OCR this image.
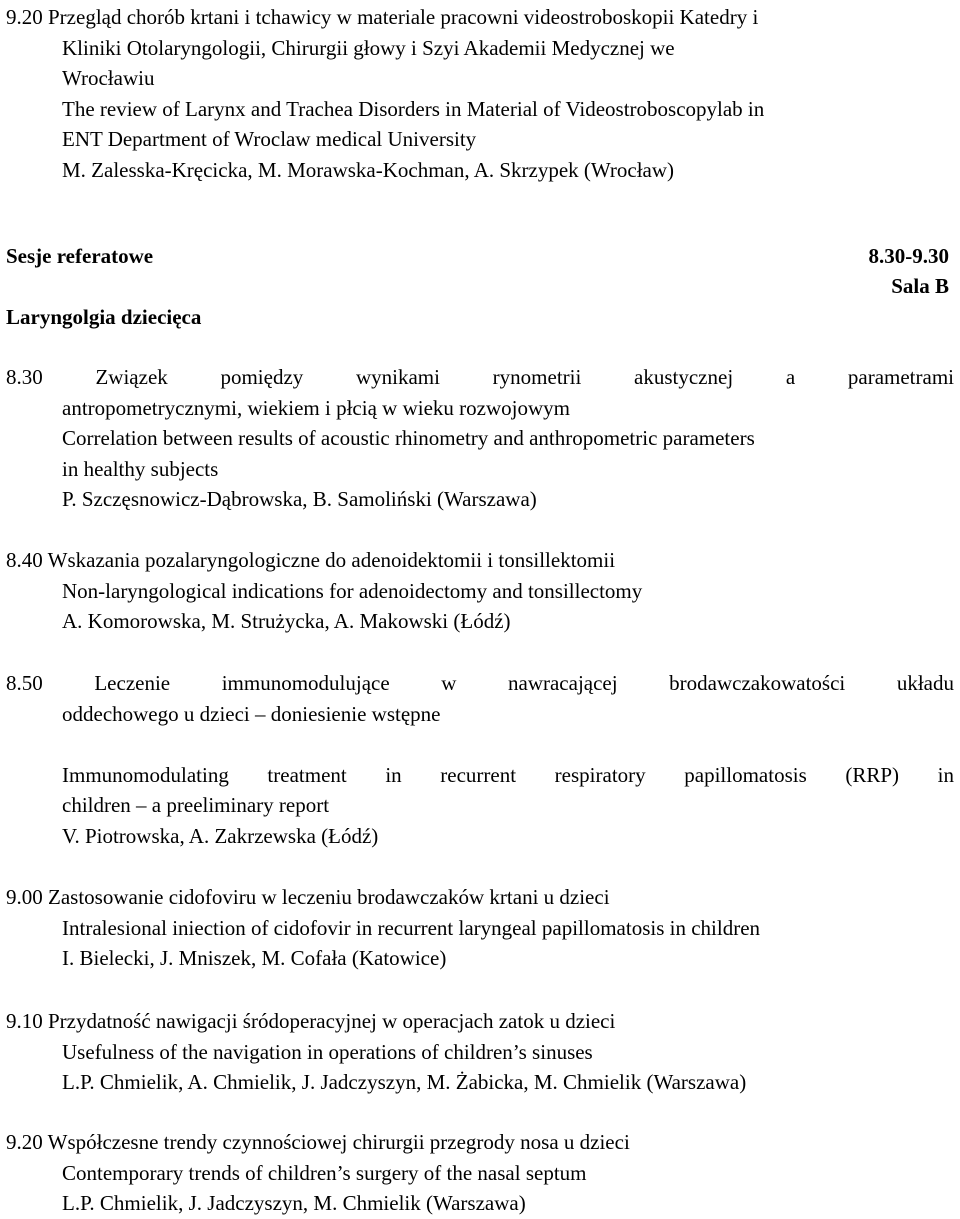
9.20 Przegląd chorób krtani i tchawicy w materiale pracowni videostroboskopii Katedry i
Kliniki Otolaryngologii, Chirurgii głowy i Szyi Akademii Medycznej we
Wrocławiu
The review of Larynx and Trachea Disorders in Material of Videostroboscopylab in
ENT Department of Wroclaw medical University
M. Zalesska-Kręcicka, M. Morawska-Kochman, A. Skrzypek (Wrocław)
Sesje referatowe	8.30-9.30
Sala B
Laryngolgia dziecięca
8.30	Związek pomiędzy wynikami rynometrii akustycznej a parametrami
antropometrycznymi, wiekiem i płcią w wieku rozwojowym
Correlation between results of acoustic rhinometry and anthropometric parameters
in healthy subjects
P. Szczęsnowicz-Dąbrowska, B. Samoliński (Warszawa)
8.40 Wskazania pozalaryngologiczne do adenoidektomii i tonsillektomii
Non-laryngological indications for adenoidectomy and tonsillectomy
A. Komorowska, M. Strużycka, A. Makowski (Łódź)
8.50 Leczenie immunomodulujące w nawracającej brodawczakowatości układu
oddechowego u dzieci – doniesienie wstępne
Immunomodulating treatment in recurrent respiratory papillomatosis (RRP) in
children – a preeliminary report
V. Piotrowska, A. Zakrzewska (Łódź)
9.00 Zastosowanie cidofoviru w leczeniu brodawczaków krtani u dzieci
Intralesional iniection of cidofovir in recurrent laryngeal papillomatosis in children
I. Bielecki, J. Mniszek, M. Cofała (Katowice)
9.10 Przydatność nawigacji śródoperacyjnej w operacjach zatok u dzieci
Usefulness of the navigation in operations of children’s sinuses
L.P. Chmielik, A. Chmielik, J. Jadczyszyn, M. Żabicka, M. Chmielik (Warszawa)
9.20 Współczesne trendy czynnościowej chirurgii przegrody nosa u dzieci
Contemporary trends of children’s surgery of the nasal septum
L.P. Chmielik, J. Jadczyszyn, M. Chmielik (Warszawa)
